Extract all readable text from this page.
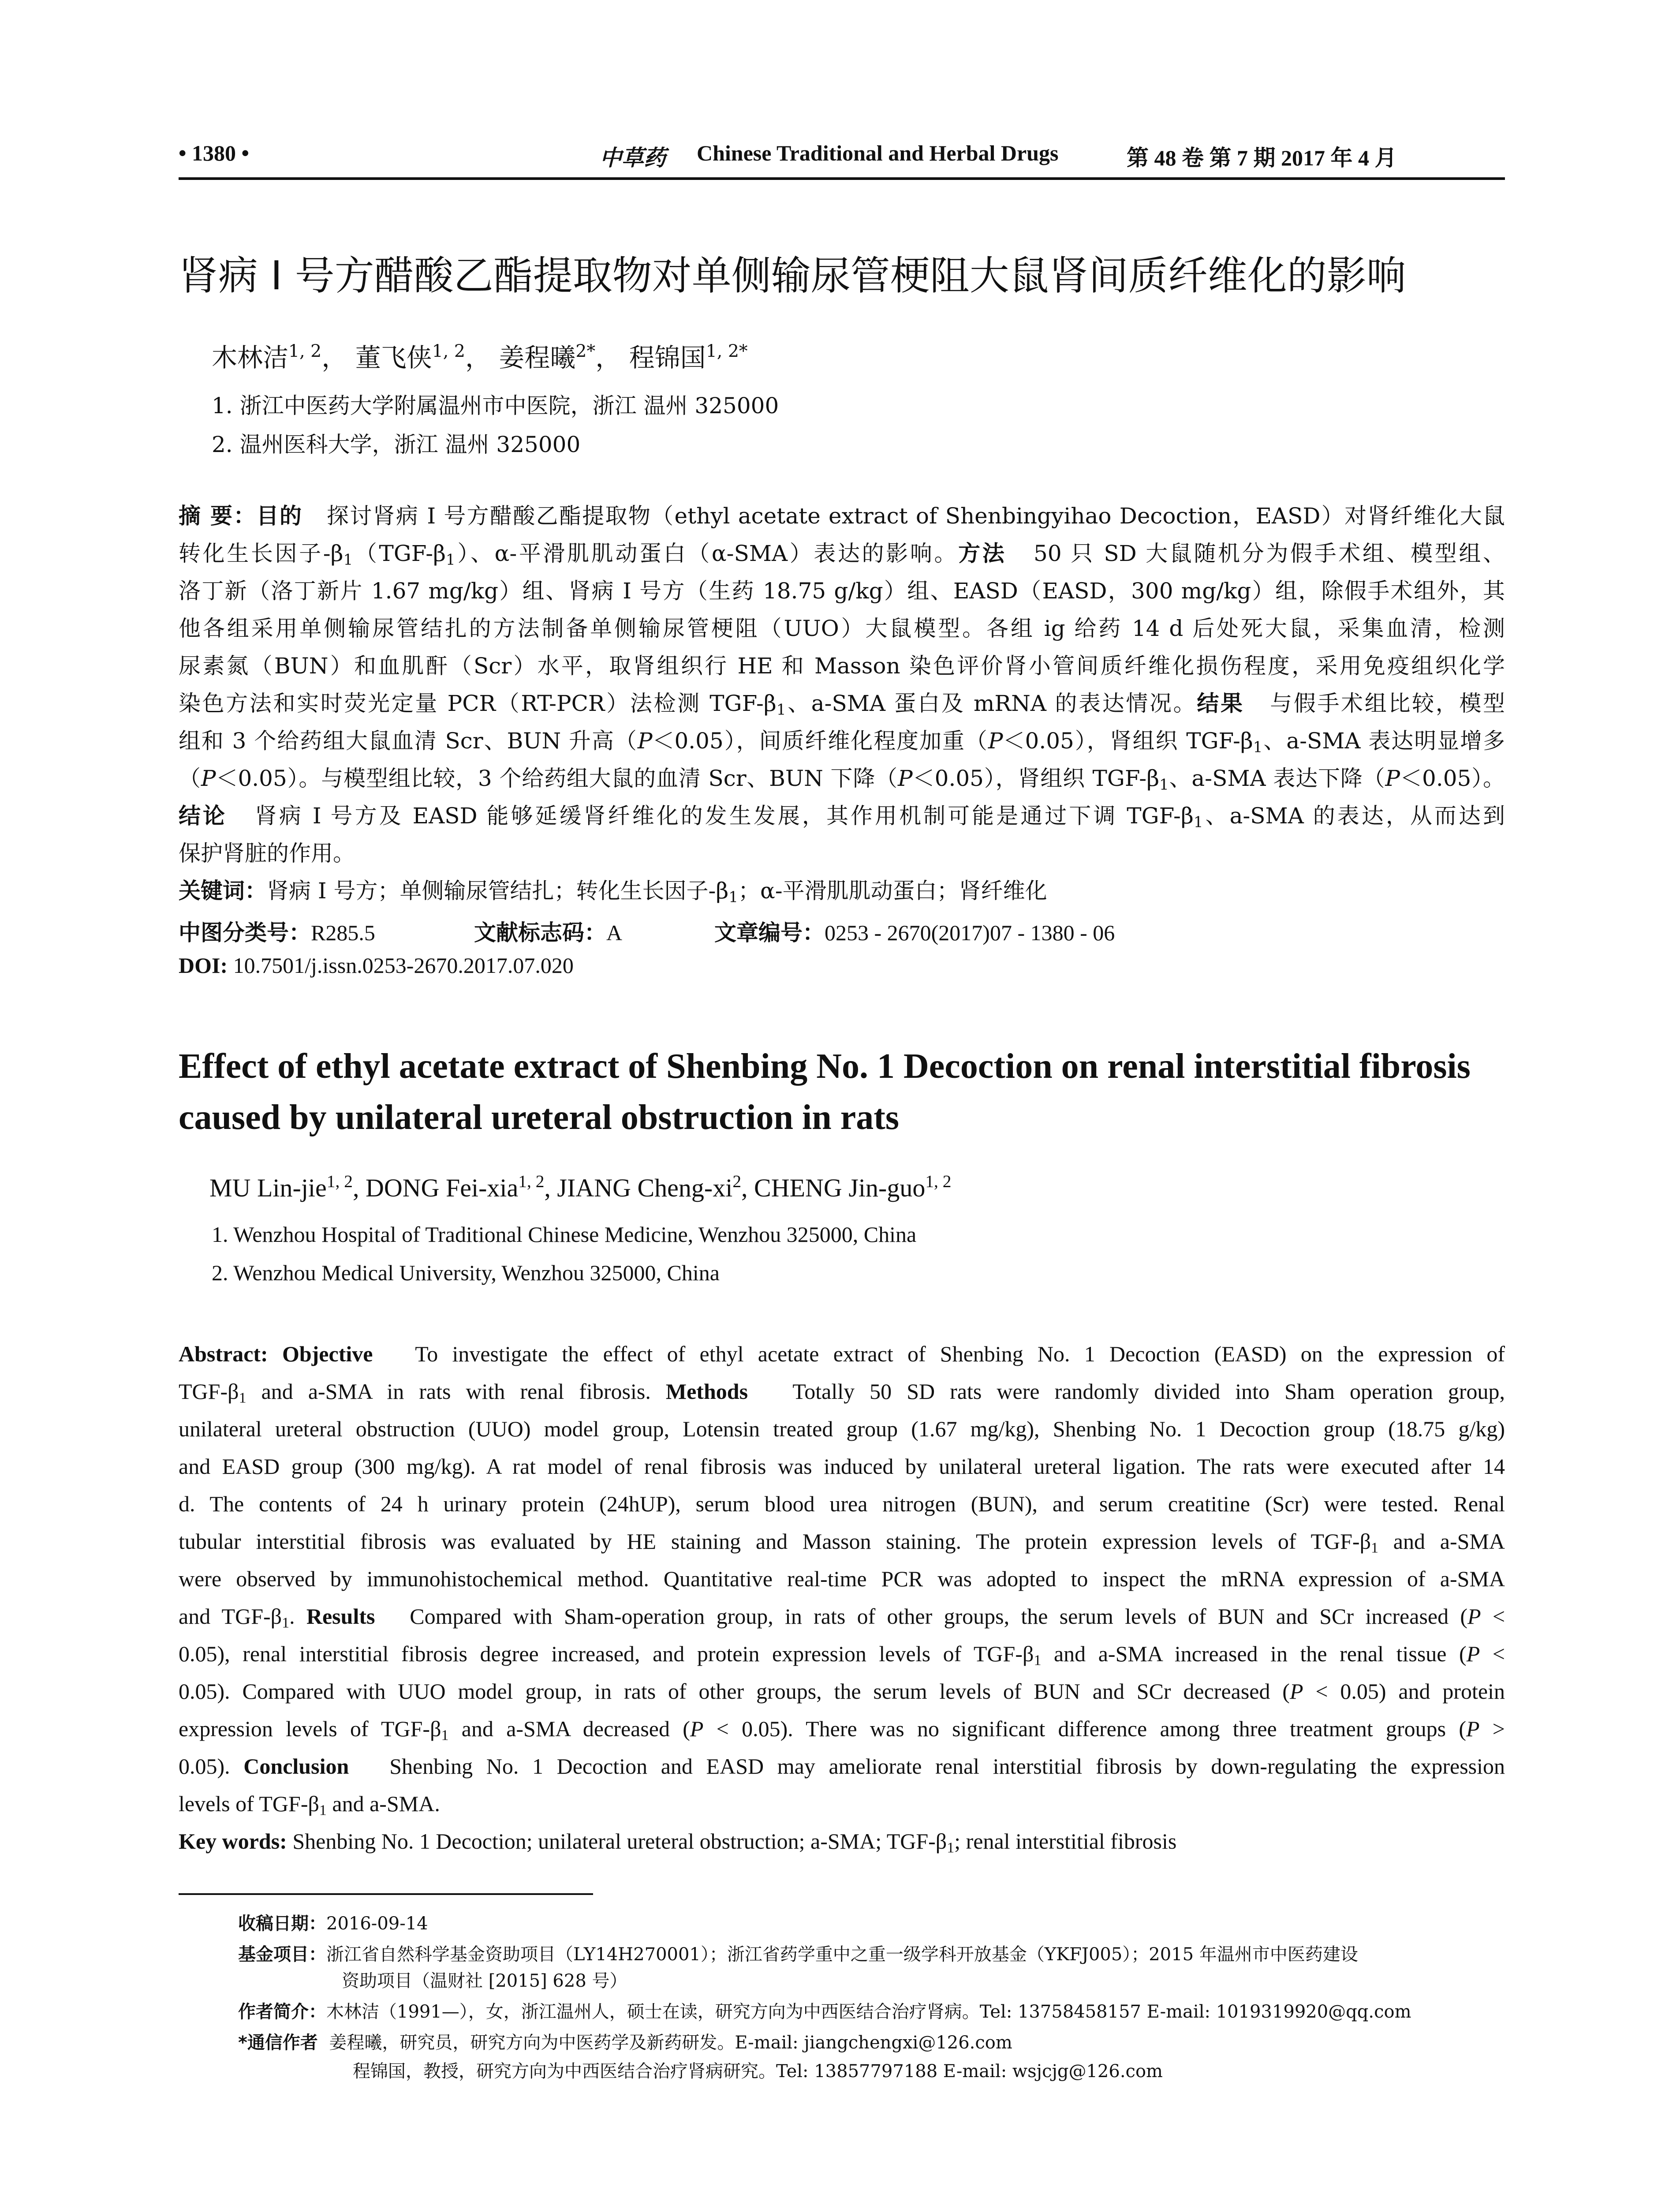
• 1380 •	中草药 Chinese Traditional and Herbal Drugs	第 48 卷 第 7 期 2017 年 4 月
肾病 I 号方醋酸乙酯提取物对单侧输尿管梗阻大鼠肾间质纤维化的影响
木林洁$^{1, 2}$， 董飞侠$^{1, 2}$， 姜程曦$^{2*}$， 程锦国$^{1, 2*}$
1. 浙江中医药大学附属温州市中医院，浙江 温州 325000
2. 温州医科大学，浙江 温州 325000
摘 要：目的 探讨肾病 I 号方醋酸乙酯提取物（ethyl acetate extract of Shenbingyihao Decoction，EASD）对肾纤维化大鼠
转化生长因子$-\beta_1(TGF-\beta_1)$、α-平滑肌肌动蛋白（α-SMA）表达的影响。方法 50 只 SD 大鼠随机分为假手术组、模型组、
洛丁新（洛丁新片 1.67 mg/kg）组、肾病 I 号方（生药 18.75 g/kg）组、EASD（EASD，300 mg/kg）组，除假手术组外，其
他各组采用单侧输尿管结扎的方法制备单侧输尿管梗阻（UUO）大鼠模型。各组 ig 给药 14 d 后处死大鼠，采集血清，检测
尿素氮（BUN）和血肌酐（Scr）水平，取肾组织行 HE 和 Masson 染色评价肾小管间质纤维化损伤程度，采用免疫组织化学
染色方法和实时荧光定量 PCR（RT-PCR）法检测 TGF-$\beta_1$、a-SMA 蛋白及 mRNA 的表达情况。结果 与假手术组比较，模型
组和 3 个给药组大鼠血清 Scr、BUN 升高（P＜0.05），间质纤维化程度加重（P＜0.05），肾组织 TGF-$\beta_1$、a-SMA 表达明显增多
（P＜0.05）。与模型组比较，3 个给药组大鼠的血清 Scr、BUN 下降（P＜0.05），肾组织 TGF-$\beta_1$、a-SMA 表达下降（P＜0.05）。
结论 肾病 I 号方及 EASD 能够延缓肾纤维化的发生发展，其作用机制可能是通过下调 TGF-$\beta_1$、a-SMA 的表达，从而达到
保护肾脏的作用。
关键词：肾病 I 号方；单侧输尿管结扎；转化生长因子$-\beta_1$；α-平滑肌肌动蛋白；肾纤维化
中图分类号：R285.5	文献标志码：A	文章编号：0253 - 2670(2017)07 - 1380 - 06
DOI: 10.7501/j.issn.0253-2670.2017.07.020
Effect of ethyl acetate extract of Shenbing No. 1 Decoction on renal interstitial fibrosis caused by unilateral ureteral obstruction in rats
MU Lin-jie$^{1, 2}$, DONG Fei-xia$^{1, 2}$, JIANG Cheng-$xi^2$, CHENG Jin-guo$^{1, 2}$
1. Wenzhou Hospital of Traditional Chinese Medicine, Wenzhou 325000, China
2. Wenzhou Medical University, Wenzhou 325000, China
Abstract: Objective To investigate the effect of ethyl acetate extract of Shenbing No. 1 Decoction (EASD) on the expression of
TGF-$\beta_1$ and a-SMA in rats with renal fibrosis. Methods Totally 50 SD rats were randomly divided into Sham operation group,
unilateral ureteral obstruction (UUO) model group, Lotensin treated group (1.67 mg/kg), Shenbing No. 1 Decoction group (18.75 g/kg)
and EASD group (300 mg/kg). A rat model of renal fibrosis was induced by unilateral ureteral ligation. The rats were executed after 14
d. The contents of 24 h urinary protein (24hUP), serum blood urea nitrogen (BUN), and serum creatitine (Scr) were tested. Renal
tubular interstitial fibrosis was evaluated by HE staining and Masson staining. The protein expression levels of TGF-$\beta_1$ and a-SMA
were observed by immunohistochemical method. Quantitative real-time PCR was adopted to inspect the mRNA expression of a-SMA
and TGF-$\beta_1$. Results Compared with Sham-operation group, in rats of other groups, the serum levels of BUN and SCr increased (P <
0.05), renal interstitial fibrosis degree increased, and protein expression levels of TGF-$\beta_1$ and a-SMA increased in the renal tissue (P <
0.05). Compared with UUO model group, in rats of other groups, the serum levels of BUN and SCr decreased (P < 0.05) and protein
expression levels of TGF-$\beta_1$ and a-SMA decreased (P < 0.05). There was no significant difference among three treatment groups (P >
0.05). Conclusion Shenbing No. 1 Decoction and EASD may ameliorate renal interstitial fibrosis by down-regulating the expression
levels of TGF-$\beta_1$ and a-SMA.
Key words: Shenbing No. 1 Decoction; unilateral ureteral obstruction; a-SMA; TGF-$\beta_1$; renal interstitial fibrosis
收稿日期：2016-09-14
基金项目：浙江省自然科学基金资助项目（LY14H270001）；浙江省药学重中之重一级学科开放基金（YKFJ005）；2015 年温州市中医药建设
资助项目（温财社 [2015] 628 号）
作者简介：木林洁（1991—），女，浙江温州人，硕士在读，研究方向为中西医结合治疗肾病。Tel: 13758458157 E-mail: 1019319920@qq.com
*通信作者 姜程曦，研究员，研究方向为中医药学及新药研发。E-mail: jiangchengxi@126.com
程锦国，教授，研究方向为中西医结合治疗肾病研究。Tel: 13857797188 E-mail: wsjcjg@126.com
